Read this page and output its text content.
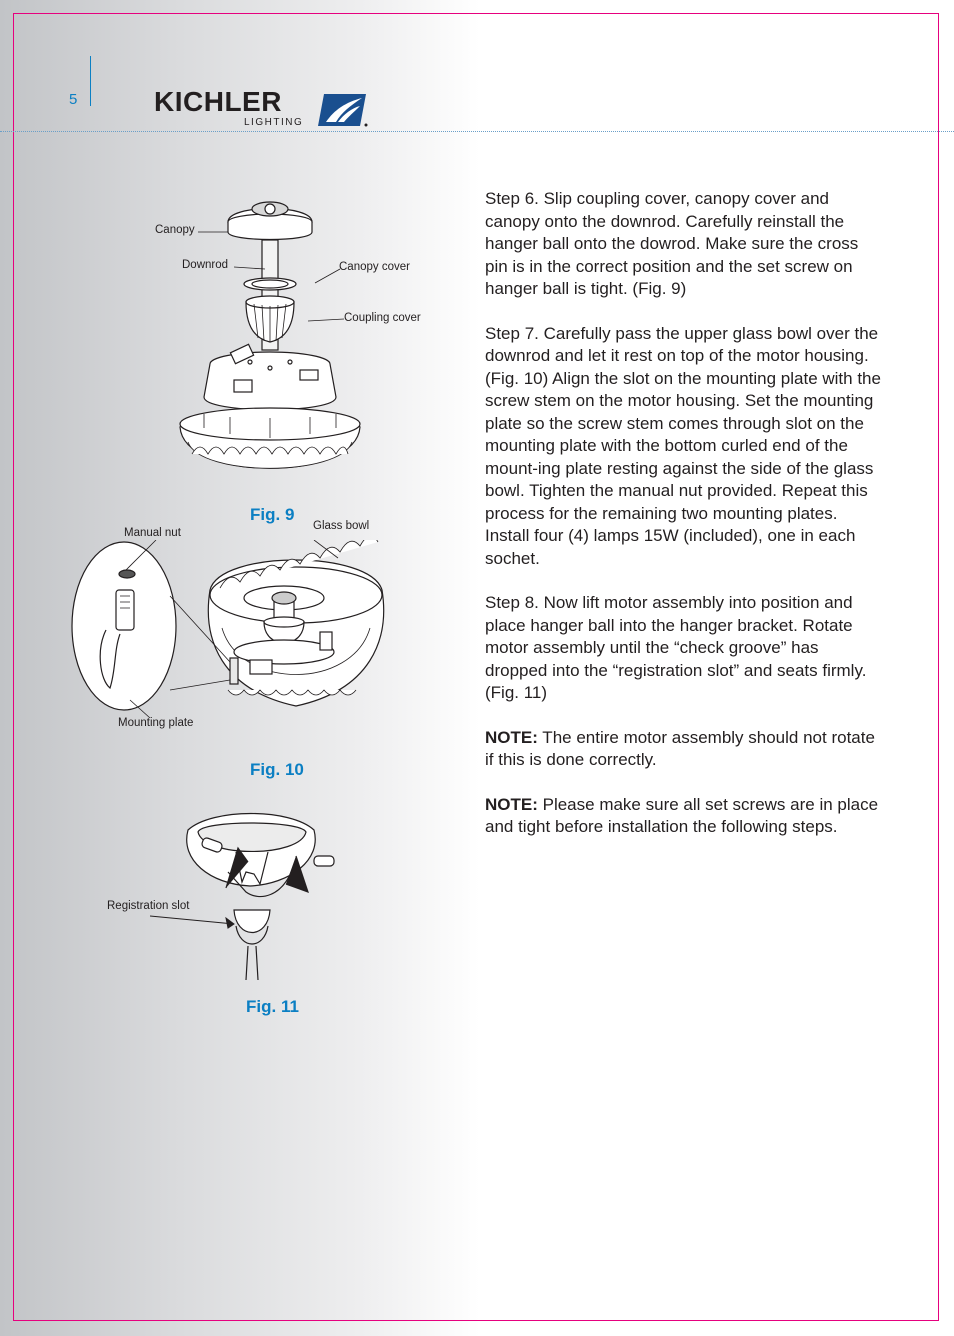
5	KICHLER
LIGHTING
Canopy
Downrod	Canopy cover
Coupling cover
Fig. 9
Manual nut
Glass bowl
Mounting plate
Fig. 10
Registration slot
Fig. 11

Step 6. Slip coupling cover, canopy cover and canopy onto the downrod. Carefully reinstall the hanger ball onto the dowrod. Make sure the cross pin is in the correct position and the set screw on hanger ball is tight. (Fig. 9)

Step 7. Carefully pass the upper glass bowl over the downrod and let it rest on top of the motor housing. (Fig. 10) Align the slot on the mounting plate with the screw stem on the motor housing. Set the mounting plate so the screw stem comes through slot on the mounting plate with the bottom curled end of the mount-ing plate resting against the side of the glass bowl. Tighten the manual nut provided. Repeat this process for the remaining two mounting plates. Install four (4) lamps 15W (included), one in each sochet.

Step 8. Now lift motor assembly into position and place hanger ball into the hanger bracket. Rotate motor assembly until the “check groove” has dropped into the “registration slot” and seats firmly. (Fig. 11)

NOTE: The entire motor assembly should not rotate if this is done correctly.

NOTE: Please make sure all set screws are in place and tight before installation the following steps.
